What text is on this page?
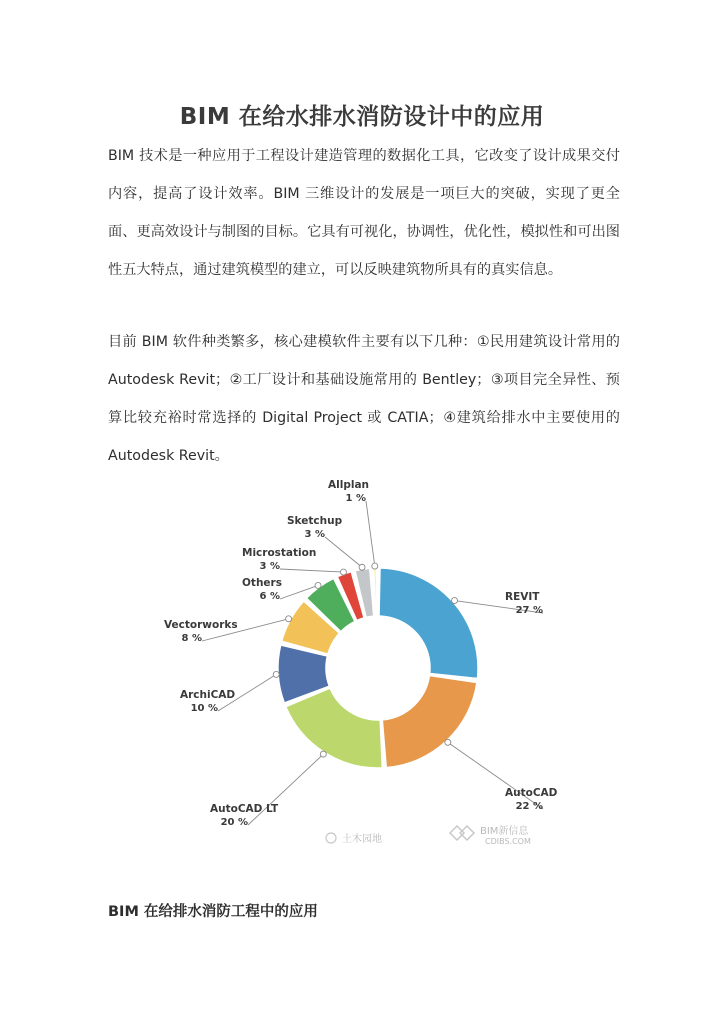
BIM 在给水排水消防设计中的应用

BIM 技术是一种应用于工程设计建造管理的数据化工具，它改变了设计成果交付内容，提高了设计效率。BIM 三维设计的发展是一项巨大的突破，实现了更全面、更高效设计与制图的目标。它具有可视化，协调性，优化性，模拟性和可出图性五大特点，通过建筑模型的建立，可以反映建筑物所具有的真实信息。

目前 BIM 软件种类繁多，核心建模软件主要有以下几种：①民用建筑设计常用的 Autodesk Revit；②工厂设计和基础设施常用的 Bentley；③项目完全异性、预算比较充裕时常选择的 Digital Project 或 CATIA；④建筑给排水中主要使用的 Autodesk Revit。

REVIT
27 %
AutoCAD
22 %
AutoCAD LT
20 %
ArchiCAD
10 %
Vectorworks
8 %
Others
6 %
Microstation
3 %
Sketchup
3 %
Allplan
1 %
土木园地
BIM新信息
CDIBS.COM

BIM 在给排水消防工程中的应用
